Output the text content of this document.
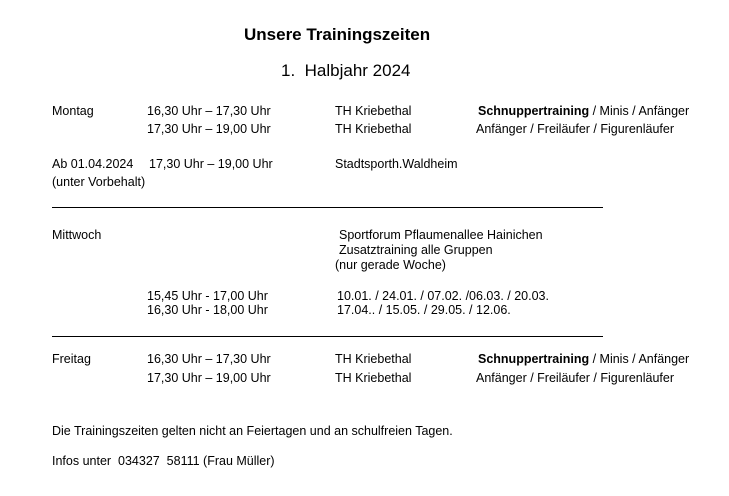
Unsere Trainingszeiten
1.  Halbjahr 2024
Montag	16,30 Uhr – 17,30 Uhr	TH Kriebethal	Schnuppertraining / Minis / Anfänger
17,30 Uhr – 19,00 Uhr	TH Kriebethal	Anfänger / Freiläufer / Figurenläufer
Ab 01.04.2024 17,30 Uhr – 19,00 Uhr	Stadtsporth.Waldheim
(unter Vorbehalt)
Mittwoch	Sportforum Pflaumenallee Hainichen
Zusatztraining alle Gruppen
(nur gerade Woche)
15,45 Uhr - 17,00 Uhr	10.01. / 24.01. / 07.02. /06.03. / 20.03.
16,30 Uhr - 18,00 Uhr	17.04.. / 15.05. / 29.05. / 12.06.
Freitag	16,30 Uhr – 17,30 Uhr	TH Kriebethal	Schnuppertraining / Minis / Anfänger
17,30 Uhr – 19,00 Uhr	TH Kriebethal	Anfänger / Freiläufer / Figurenläufer
Die Trainingszeiten gelten nicht an Feiertagen und an schulfreien Tagen.
Infos unter  034327  58111 (Frau Müller)
